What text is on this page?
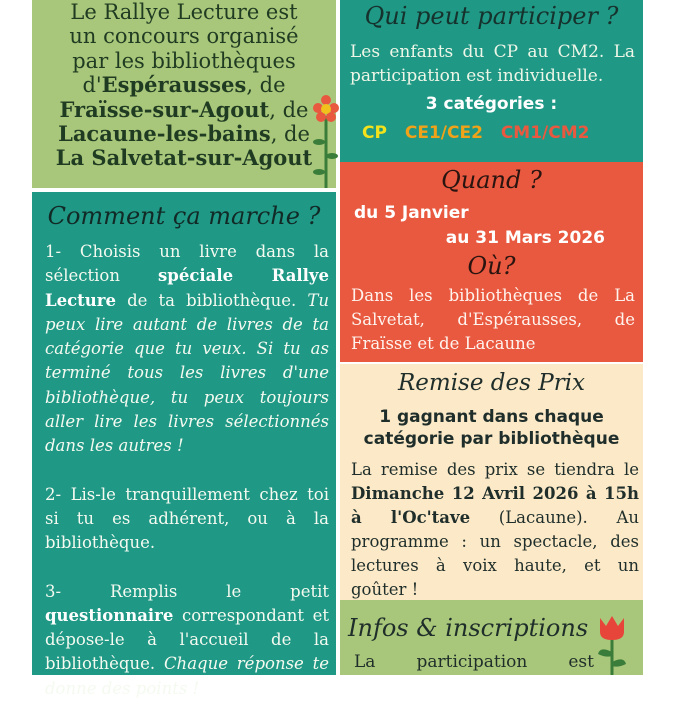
Le Rallye Lecture est
un concours organisé
par les bibliothèques
d'Espérausses, de
Fraïsse-sur-Agout, de
Lacaune-les-bains, de
La Salvetat-sur-Agout
Qui peut participer ?
Les enfants du CP au CM2. La participation est individuelle.
3 catégories :
CP CE1/CE2 CM1/CM2
Comment ça marche ?

1- Choisis un livre dans la sélection spéciale Rallye Lecture de ta bibliothèque. Tu peux lire autant de livres de ta catégorie que tu veux. Si tu as terminé tous les livres d'une bibliothèque, tu peux toujours aller lire les livres sélectionnés dans les autres !

2- Lis-le tranquillement chez toi si tu es adhérent, ou à la bibliothèque.

3- Remplis le petit questionnaire correspondant et dépose-le à l'accueil de la bibliothèque. Chaque réponse te donne des points !

Quand ?
du 5 Janvier
au 31 Mars 2026
Où?
Dans les bibliothèques de La Salvetat, d'Espérausses, de Fraïsse et de Lacaune
Remise des Prix
1 gagnant dans chaque
catégorie par bibliothèque
La remise des prix se tiendra le Dimanche 12 Avril 2026 à 15h à l'Oc'tave (Lacaune). Au programme : un spectacle, des lectures à voix haute, et un goûter !
Infos & inscriptions
La participation est
